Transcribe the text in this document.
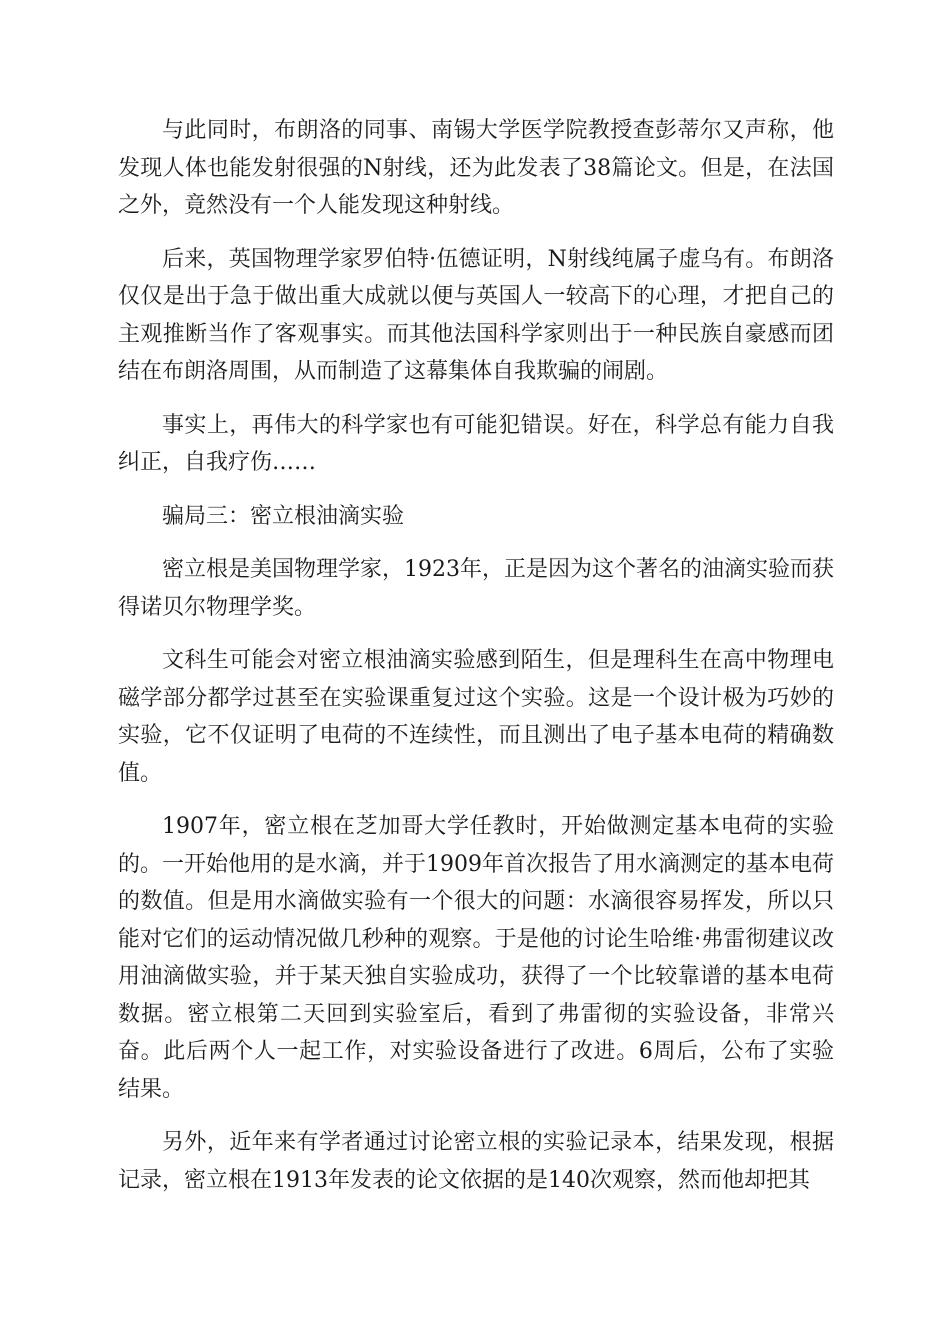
与此同时，布朗洛的同事、南锡大学医学院教授查彭蒂尔又声称，他发现人体也能发射很强的N射线，还为此发表了38篇论文。但是，在法国之外，竟然没有一个人能发现这种射线。

后来，英国物理学家罗伯特·伍德证明，N射线纯属子虚乌有。布朗洛仅仅是出于急于做出重大成就以便与英国人一较高下的心理，才把自己的主观推断当作了客观事实。而其他法国科学家则出于一种民族自豪感而团结在布朗洛周围，从而制造了这幕集体自我欺骗的闹剧。

事实上，再伟大的科学家也有可能犯错误。好在，科学总有能力自我纠正，自我疗伤……

骗局三：密立根油滴实验

密立根是美国物理学家，1923年，正是因为这个著名的油滴实验而获得诺贝尔物理学奖。

文科生可能会对密立根油滴实验感到陌生，但是理科生在高中物理电磁学部分都学过甚至在实验课重复过这个实验。这是一个设计极为巧妙的实验，它不仅证明了电荷的不连续性，而且测出了电子基本电荷的精确数值。

1907年，密立根在芝加哥大学任教时，开始做测定基本电荷的实验的。一开始他用的是水滴，并于1909年首次报告了用水滴测定的基本电荷的数值。但是用水滴做实验有一个很大的问题：水滴很容易挥发，所以只能对它们的运动情况做几秒种的观察。于是他的讨论生哈维·弗雷彻建议改用油滴做实验，并于某天独自实验成功，获得了一个比较靠谱的基本电荷数据。密立根第二天回到实验室后，看到了弗雷彻的实验设备，非常兴奋。此后两个人一起工作，对实验设备进行了改进。6周后，公布了实验结果。

另外，近年来有学者通过讨论密立根的实验记录本，结果发现，根据记录，密立根在1913年发表的论文依据的是140次观察，然而他却把其
